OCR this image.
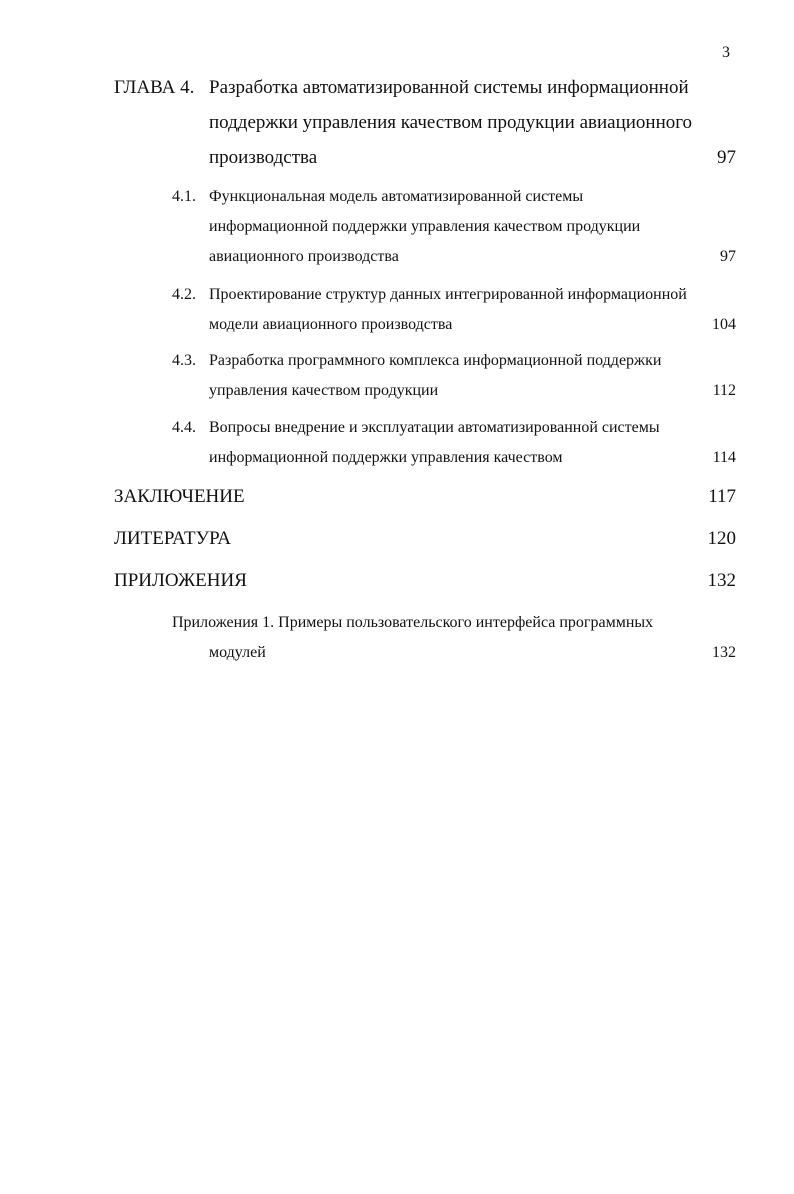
3
ГЛАВА 4. Разработка автоматизированной системы информационной поддержки управления качеством продукции авиационного производства	97
4.1. Функциональная модель автоматизированной системы информационной поддержки управления качеством продукции авиационного производства	97
4.2. Проектирование структур данных интегрированной информационной модели авиационного производства	104
4.3. Разработка программного комплекса информационной поддержки управления качеством продукции	112
4.4. Вопросы внедрение и эксплуатации автоматизированной системы информационной поддержки управления качеством	114
ЗАКЛЮЧЕНИЕ	117
ЛИТЕРАТУРА	120
ПРИЛОЖЕНИЯ	132
Приложения 1. Примеры пользовательского интерфейса программных
модулей	132
